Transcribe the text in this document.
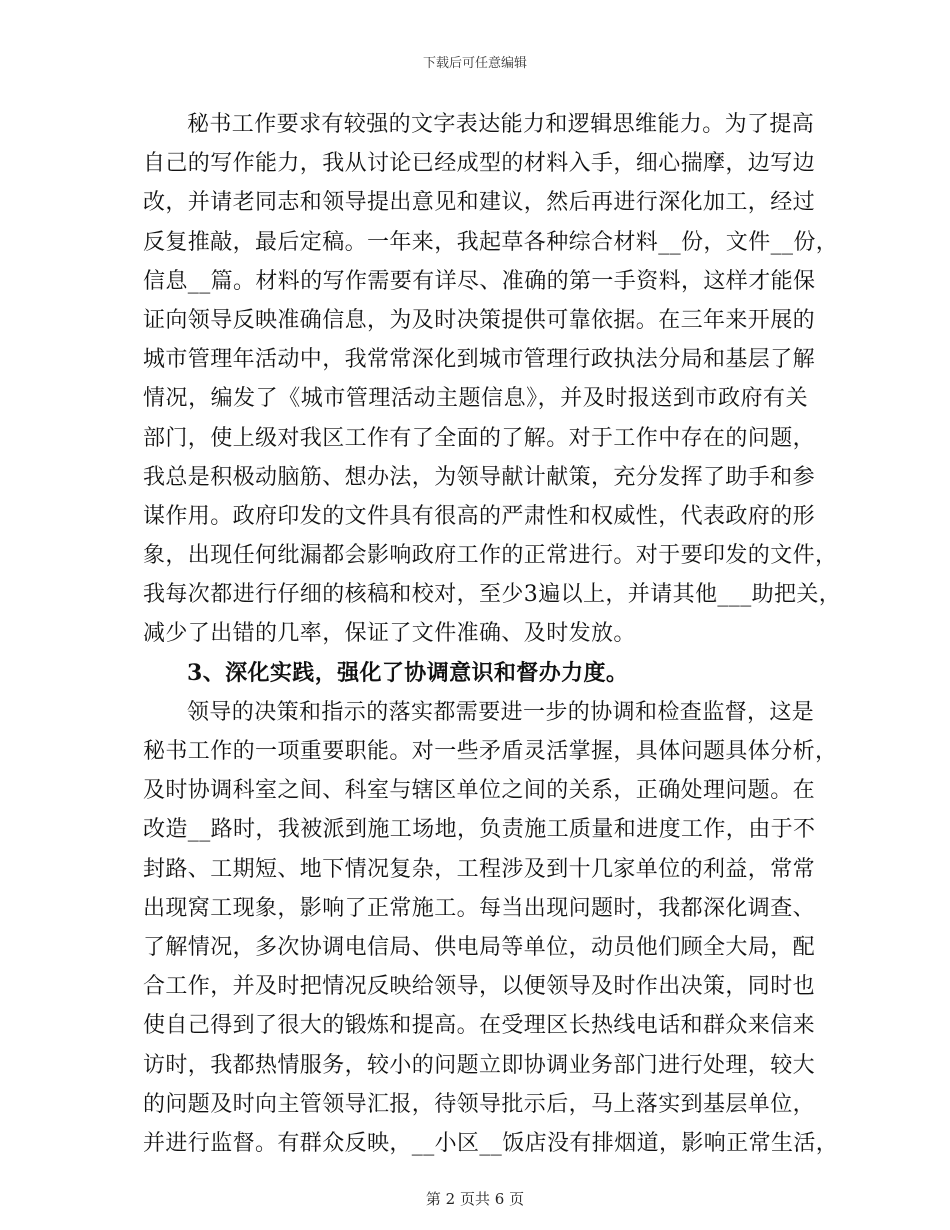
下载后可任意编辑
秘书工作要求有较强的文字表达能力和逻辑思维能力。为了提高
自己的写作能力，我从讨论已经成型的材料入手，细心揣摩，边写边
改，并请老同志和领导提出意见和建议，然后再进行深化加工，经过
反复推敲，最后定稿。一年来，我起草各种综合材料__份，文件__份，
信息__篇。材料的写作需要有详尽、准确的第一手资料，这样才能保
证向领导反映准确信息，为及时决策提供可靠依据。在三年来开展的
城市管理年活动中，我常常深化到城市管理行政执法分局和基层了解
情况，编发了《城市管理活动主题信息》，并及时报送到市政府有关
部门，使上级对我区工作有了全面的了解。对于工作中存在的问题，
我总是积极动脑筋、想办法，为领导献计献策，充分发挥了助手和参
谋作用。政府印发的文件具有很高的严肃性和权威性，代表政府的形
象，出现任何纰漏都会影响政府工作的正常进行。对于要印发的文件，
我每次都进行仔细的核稿和校对，至少3遍以上，并请其他___助把关，
减少了出错的几率，保证了文件准确、及时发放。
3、深化实践，强化了协调意识和督办力度。
领导的决策和指示的落实都需要进一步的协调和检查监督，这是
秘书工作的一项重要职能。对一些矛盾灵活掌握，具体问题具体分析，
及时协调科室之间、科室与辖区单位之间的关系，正确处理问题。在
改造__路时，我被派到施工场地，负责施工质量和进度工作，由于不
封路、工期短、地下情况复杂，工程涉及到十几家单位的利益，常常
出现窝工现象，影响了正常施工。每当出现问题时，我都深化调查、
了解情况，多次协调电信局、供电局等单位，动员他们顾全大局，配
合工作，并及时把情况反映给领导，以便领导及时作出决策，同时也
使自己得到了很大的锻炼和提高。在受理区长热线电话和群众来信来
访时，我都热情服务，较小的问题立即协调业务部门进行处理，较大
的问题及时向主管领导汇报，待领导批示后，马上落实到基层单位，
并进行监督。有群众反映，__小区__饭店没有排烟道，影响正常生活，
第 2 页共 6 页
